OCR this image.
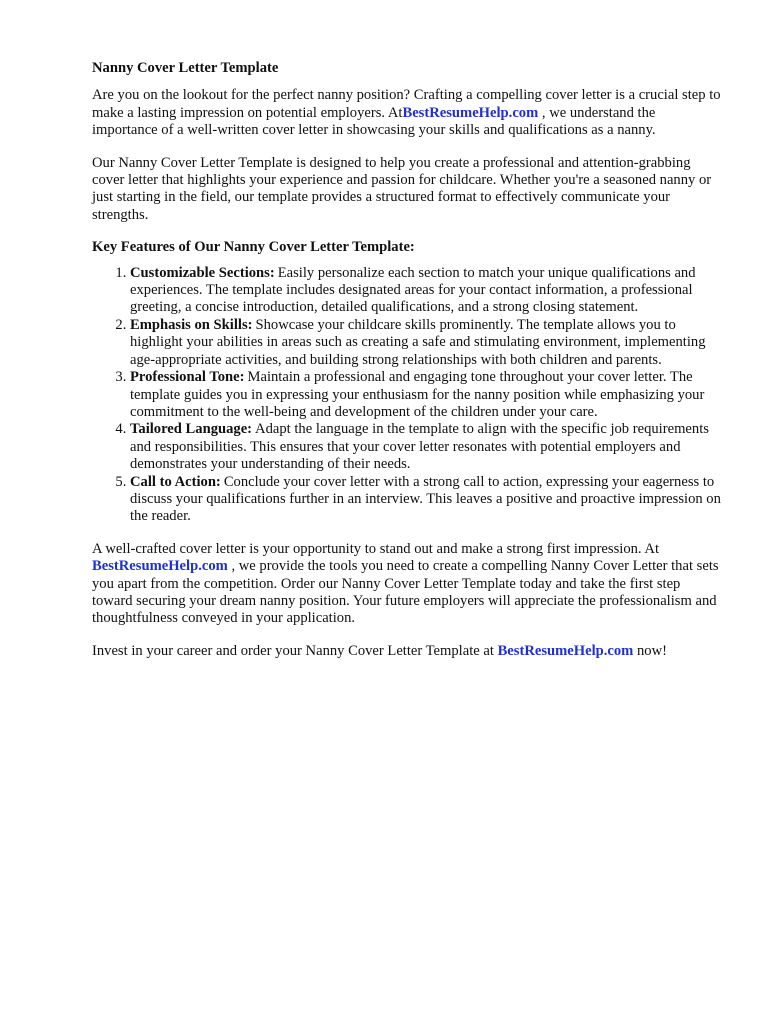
Nanny Cover Letter Template

Are you on the lookout for the perfect nanny position? Crafting a compelling cover letter is a crucial step to make a lasting impression on potential employers. AtBestResumeHelp.com , we understand the importance of a well-written cover letter in showcasing your skills and qualifications as a nanny.

Our Nanny Cover Letter Template is designed to help you create a professional and attention-grabbing cover letter that highlights your experience and passion for childcare. Whether you're a seasoned nanny or just starting in the field, our template provides a structured format to effectively communicate your strengths.

Key Features of Our Nanny Cover Letter Template:
1. Customizable Sections: Easily personalize each section to match your unique qualifications and experiences. The template includes designated areas for your contact information, a professional greeting, a concise introduction, detailed qualifications, and a strong closing statement.
2. Emphasis on Skills: Showcase your childcare skills prominently. The template allows you to highlight your abilities in areas such as creating a safe and stimulating environment, implementing age-appropriate activities, and building strong relationships with both children and parents.
3. Professional Tone: Maintain a professional and engaging tone throughout your cover letter. The template guides you in expressing your enthusiasm for the nanny position while emphasizing your commitment to the well-being and development of the children under your care.
4. Tailored Language: Adapt the language in the template to align with the specific job requirements and responsibilities. This ensures that your cover letter resonates with potential employers and demonstrates your understanding of their needs.
5. Call to Action: Conclude your cover letter with a strong call to action, expressing your eagerness to discuss your qualifications further in an interview. This leaves a positive and proactive impression on the reader.

A well-crafted cover letter is your opportunity to stand out and make a strong first impression. At BestResumeHelp.com , we provide the tools you need to create a compelling Nanny Cover Letter that sets you apart from the competition. Order our Nanny Cover Letter Template today and take the first step toward securing your dream nanny position. Your future employers will appreciate the professionalism and thoughtfulness conveyed in your application.

Invest in your career and order your Nanny Cover Letter Template at BestResumeHelp.com now!
